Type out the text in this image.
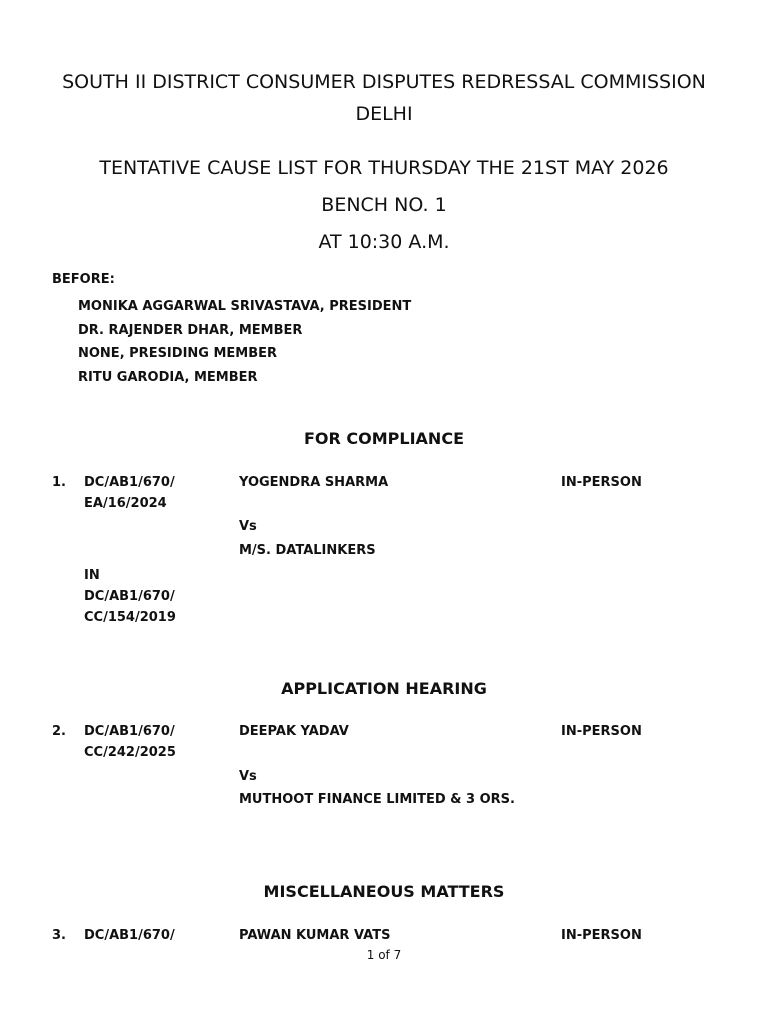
SOUTH II DISTRICT CONSUMER DISPUTES REDRESSAL COMMISSION
DELHI
TENTATIVE CAUSE LIST FOR THURSDAY THE 21ST MAY 2026
BENCH NO. 1
AT 10:30 A.M.
BEFORE:
MONIKA AGGARWAL SRIVASTAVA, PRESIDENT
DR. RAJENDER DHAR, MEMBER
NONE, PRESIDING MEMBER
RITU GARODIA, MEMBER
FOR COMPLIANCE
1. DC/AB1/670/
EA/16/2024
YOGENDRA SHARMA	IN-PERSON
Vs
M/S. DATALINKERS
IN
DC/AB1/670/
CC/154/2019
APPLICATION HEARING
2. DC/AB1/670/
CC/242/2025
DEEPAK YADAV	IN-PERSON
Vs
MUTHOOT FINANCE LIMITED & 3 ORS.
MISCELLANEOUS MATTERS
3. DC/AB1/670/	PAWAN KUMAR VATS	IN-PERSON
1 of 7
